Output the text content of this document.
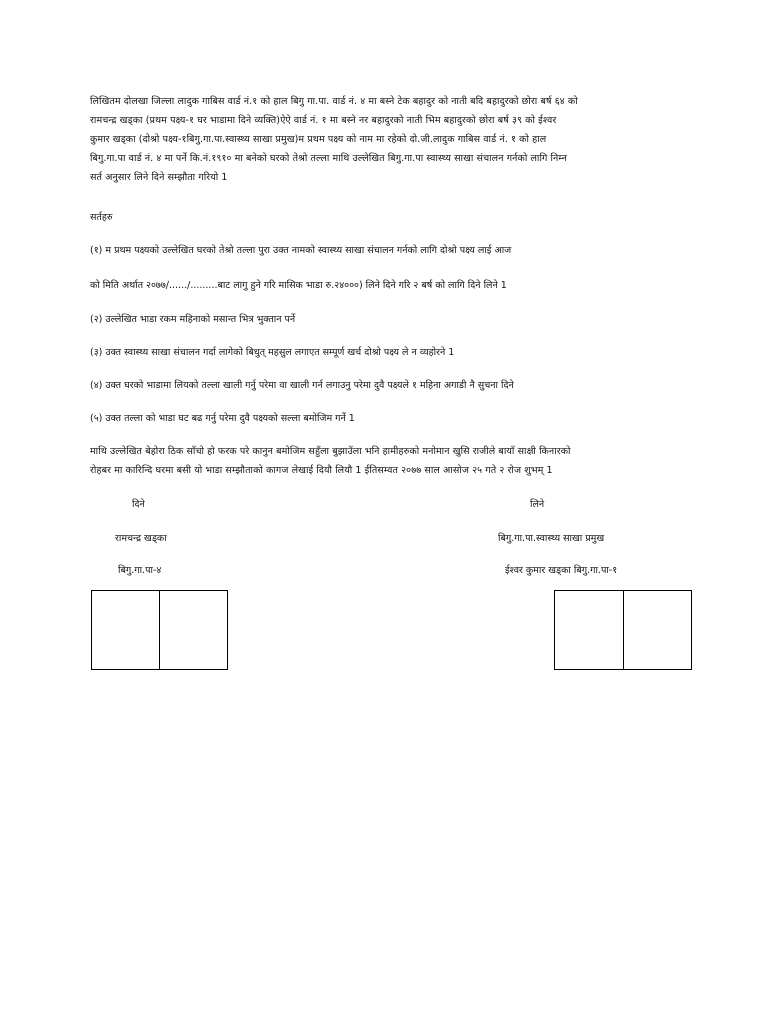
लिखितम दोलखा जिल्ला लादुक गाबिस वार्ड नं.१ को हाल बिगु गा.पा. वार्ड नं. ४ मा बस्ने टेक बहादुर को नाती बदि बहादुरको छोरा बर्ष ६४ को
रामचन्द्र खड्का (प्रथम पक्ष्य-१ घर भाडामा दिने व्यक्ति)ऐऐ वार्ड नं. १ मा बस्ने नर बहादुरको नाती भिम बहादुरको छोरा बर्ष ३९ को ईश्वर
कुमार खड्का (दोश्रो पक्ष्य-१बिगु.गा.पा.स्वास्थ्य साखा प्रमुख)म प्रथम पक्ष्य को नाम मा रहेको दो.जी.लादुक गाबिस वार्ड नं. १ को हाल
बिगु.गा.पा वार्ड नं. ४ मा पर्ने कि.नं.१९१० मा बनेको घरको तेश्रो तल्ला माथि उल्लेखित बिगु.गा.पा स्वास्थ्य साखा संचालन गर्नको लागि निम्न
सर्त अनुसार लिने दिने सम्झौता गरियो 1
सर्तहरु
(१) म प्रथम पक्ष्यको उल्लेखित घरको तेश्रो तल्ला पुरा उक्त नामको स्वास्थ्य साखा संचालन गर्नको लागि दोश्रो पक्ष्य लाई आज
को मिति अर्थात २०७७/....../.........बाट लागु हुने गरि मासिक भाडा रु.२४०००) लिने दिने गरि २ बर्ष को लागि दिने लिने 1
(२) उल्लेखित भाडा रकम महिनाको मसान्त भित्र भुक्तान पर्ने
(३) उक्त स्वास्थ्य साखा संचालन गर्दा लागेको बिधुत् महसुल लगाएत सम्पूर्ण खर्च दोश्रो पक्ष्य ले न व्यहोरने 1
(४) उक्त घरको भाडामा लियको तल्ला खाली गर्नु परेमा वा खाली गर्न लगाउनु परेमा दुवै पक्ष्यले १ महिना अगाडी नै सुचना दिने
(५) उक्त तल्ला को भाडा घट बढ गर्नु परेमा दुवै पक्ष्यको सल्ला बमोजिम गर्ने 1
माथि उल्लेखित बेहोरा ठिक साँचो हो फरक परे कानुन बमोजिम सहुँला बुझाउँला भनि हामीहरुको मनोमान खुसि राजीले बायाँ साक्षी किनारको
रोहबर मा कारिन्दि घरमा बसी यो भाडा सम्झौताको कागज लेखाई दियौ लियौ 1 ईतिसम्वत २०७७ साल आसोज २५ गते २ रोज शुभम् 1
दिने
रामचन्द्र खड्का
बिगु.गा.पा-४
लिने
बिगु.गा.पा.स्वास्थ्य साखा प्रमुख
ईश्वर कुमार खड्का बिगु.गा.पा-१
